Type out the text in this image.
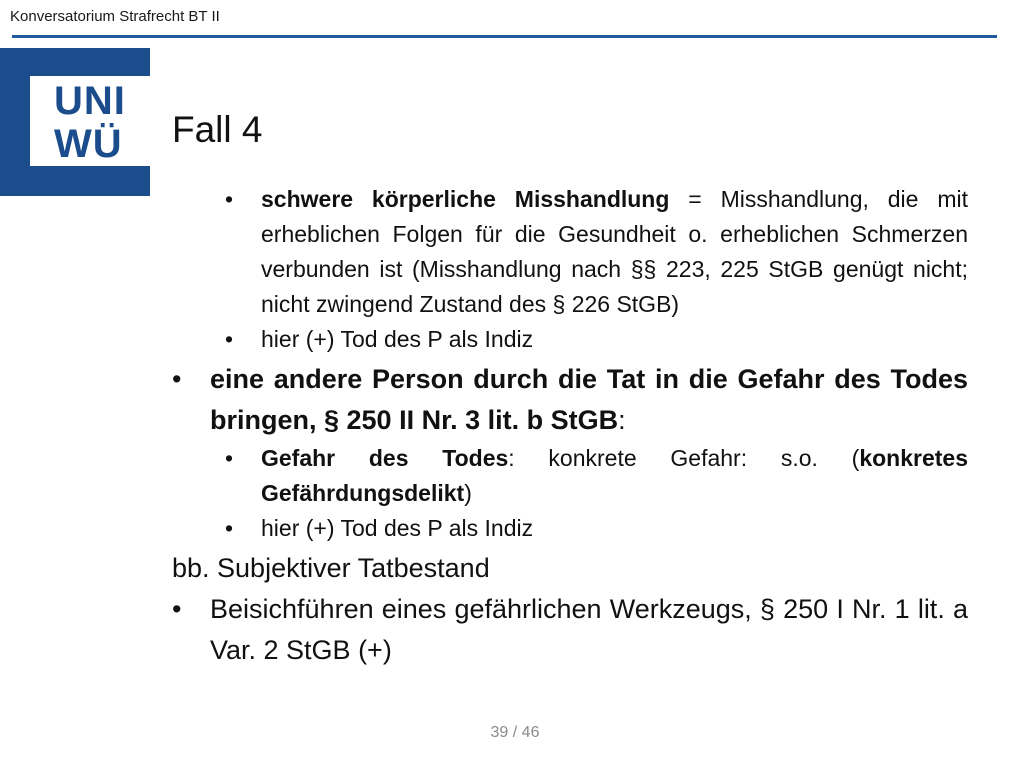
Konversatorium Strafrecht BT II
UNI
WÜ	Fall 4
• schwere körperliche Misshandlung = Misshandlung, die mit erheblichen Folgen für die Gesundheit o. erheblichen Schmerzen verbunden ist (Misshandlung nach §§ 223, 225 StGB genügt nicht; nicht zwingend Zustand des § 226 StGB)
• hier (+) Tod des P als Indiz
• eine andere Person durch die Tat in die Gefahr des Todes bringen, § 250 II Nr. 3 lit. b StGB:
• Gefahr des Todes: konkrete Gefahr: s.o. (konkretes Gefährdungsdelikt)
• hier (+) Tod des P als Indiz
bb. Subjektiver Tatbestand
• Beisichführen eines gefährlichen Werkzeugs, § 250 I Nr. 1 lit. a Var. 2 StGB (+)
39 / 46
